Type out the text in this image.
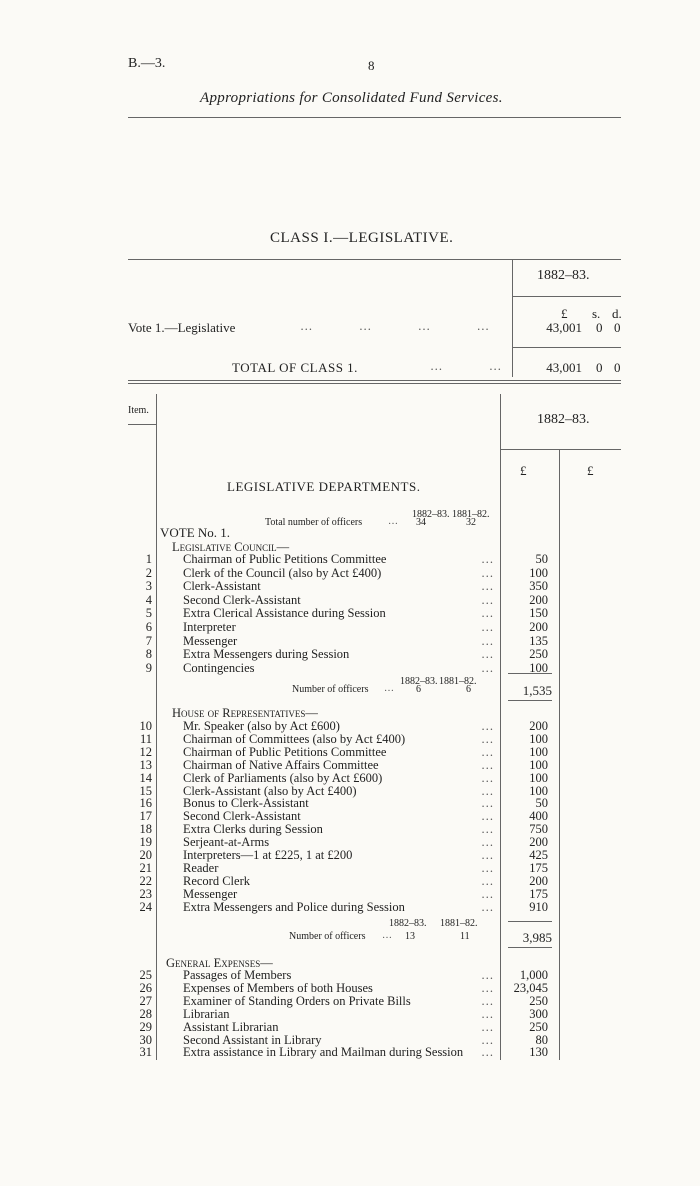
B.—3.	8
Appropriations for Consolidated Fund Services.
CLASS I.—LEGISLATIVE.
1882–83.
£ s. d.
Vote 1.—Legislative	…           …           …           …	43,001 0 0
TOTAL OF CLASS 1.	…           …	43,001 0 0
Item.
1882–83.
£	£
LEGISLATIVE DEPARTMENTS.
1882–83. 1881–82.
Total number of officers	… 34	32
VOTE No. 1.
Legislative Council—
1 Chairman of Public Petitions Committee	…	50
2 Clerk of the Council (also by Act £400)	…	100
3 Clerk-Assistant	…	350
4 Second Clerk-Assistant	…	200
5 Extra Clerical Assistance during Session	…	150
6 Interpreter	…	200
7 Messenger	…	135
8 Extra Messengers during Session	…	250
9 Contingencies	…	100
1882–83. 1881–82.
Number of officers … 6	6	1,535
House of Representatives—
10 Mr. Speaker (also by Act £600)	…	200
11 Chairman of Committees (also by Act £400)	…	100
12 Chairman of Public Petitions Committee	…	100
13 Chairman of Native Affairs Committee	…	100
14 Clerk of Parliaments (also by Act £600)	…	100
15 Clerk-Assistant (also by Act £400)	…	100
16 Bonus to Clerk-Assistant	…	50
17 Second Clerk-Assistant	…	400
18 Extra Clerks during Session	…	750
19 Serjeant-at-Arms	…	200
20 Interpreters—1 at £225, 1 at £200	…	425
21 Reader	…	175
22 Record Clerk	…	200
23 Messenger	…	175
24 Extra Messengers and Police during Session	…	910
1882–83. 1881–82.
Number of officers … 13	11	3,985
General Expenses—
25 Passages of Members	…	1,000
26 Expenses of Members of both Houses	…	23,045
27 Examiner of Standing Orders on Private Bills	…	250
28 Librarian	…	300
29 Assistant Librarian	…	250
30 Second Assistant in Library	…	80
31 Extra assistance in Library and Mailman during Session …	130
